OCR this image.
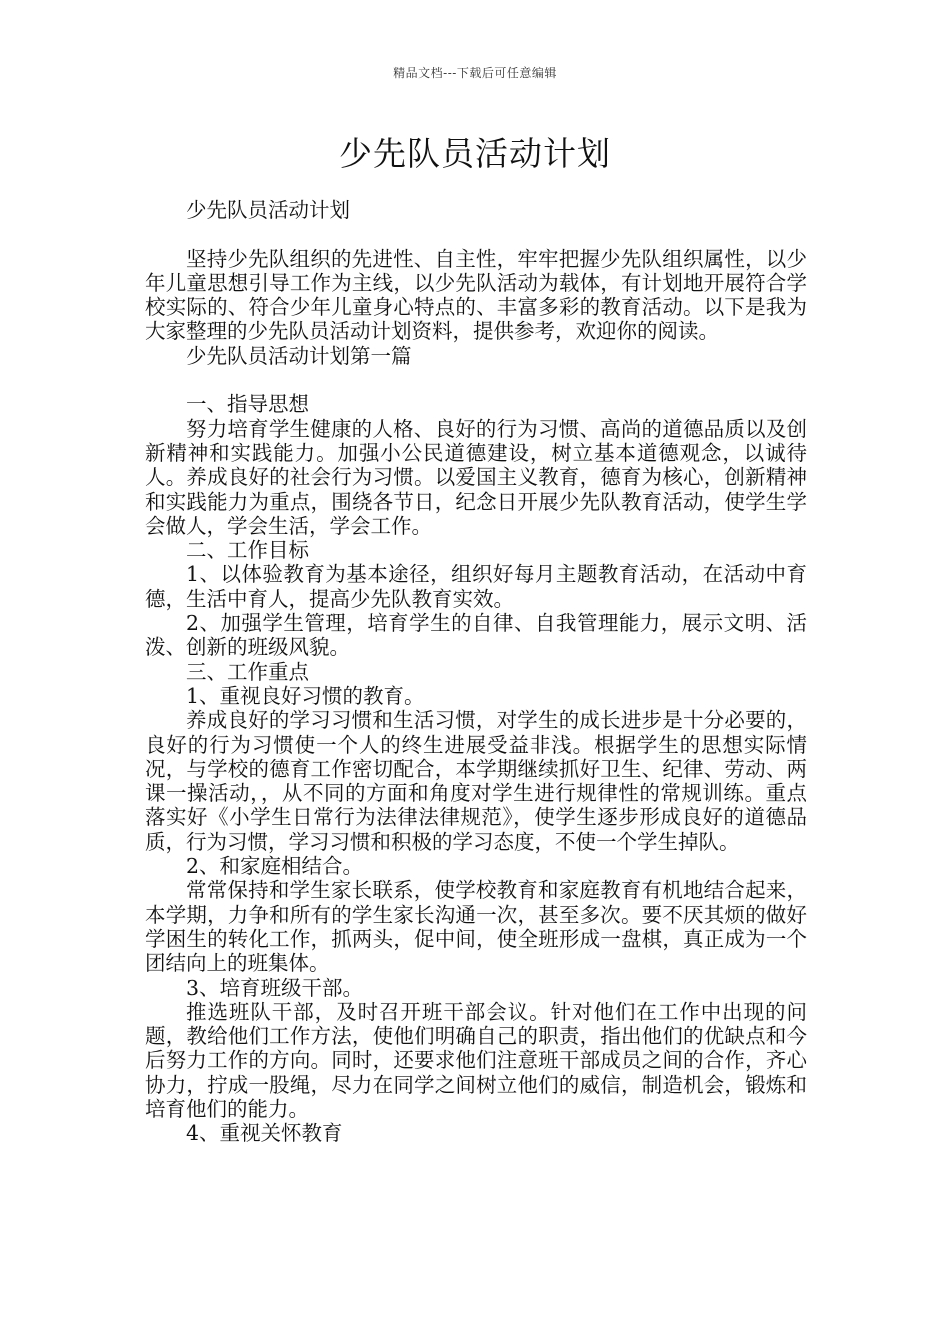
精品文档---下载后可任意编辑
少先队员活动计划

少先队员活动计划

坚持少先队组织的先进性、自主性，牢牢把握少先队组织属性，以少年儿童思想引导工作为主线，以少先队活动为载体，有计划地开展符合学校实际的、符合少年儿童身心特点的、丰富多彩的教育活动。以下是我为大家整理的少先队员活动计划资料，提供参考，欢迎你的阅读。

少先队员活动计划第一篇

一、指导思想

努力培育学生健康的人格、良好的行为习惯、高尚的道德品质以及创新精神和实践能力。加强小公民道德建设，树立基本道德观念，以诚待人。养成良好的社会行为习惯。以爱国主义教育，德育为核心，创新精神和实践能力为重点，围绕各节日，纪念日开展少先队教育活动，使学生学会做人，学会生活，学会工作。

二、工作目标

1、以体验教育为基本途径，组织好每月主题教育活动，在活动中育德，生活中育人，提高少先队教育实效。

2、加强学生管理，培育学生的自律、自我管理能力，展示文明、活泼、创新的班级风貌。

三、工作重点

1、重视良好习惯的教育。

养成良好的学习习惯和生活习惯，对学生的成长进步是十分必要的，良好的行为习惯使一个人的终生进展受益非浅。根据学生的思想实际情况，与学校的德育工作密切配合，本学期继续抓好卫生、纪律、劳动、两课一操活动，，从不同的方面和角度对学生进行规律性的常规训练。重点落实好《小学生日常行为法律法律规范》，使学生逐步形成良好的道德品质，行为习惯，学习习惯和积极的学习态度，不使一个学生掉队。

2、和家庭相结合。

常常保持和学生家长联系，使学校教育和家庭教育有机地结合起来，本学期，力争和所有的学生家长沟通一次，甚至多次。要不厌其烦的做好学困生的转化工作，抓两头，促中间，使全班形成一盘棋，真正成为一个团结向上的班集体。

3、培育班级干部。

推选班队干部，及时召开班干部会议。针对他们在工作中出现的问题，教给他们工作方法，使他们明确自己的职责，指出他们的优缺点和今后努力工作的方向。同时，还要求他们注意班干部成员之间的合作，齐心协力，拧成一股绳，尽力在同学之间树立他们的威信，制造机会，锻炼和培育他们的能力。

4、重视关怀教育
